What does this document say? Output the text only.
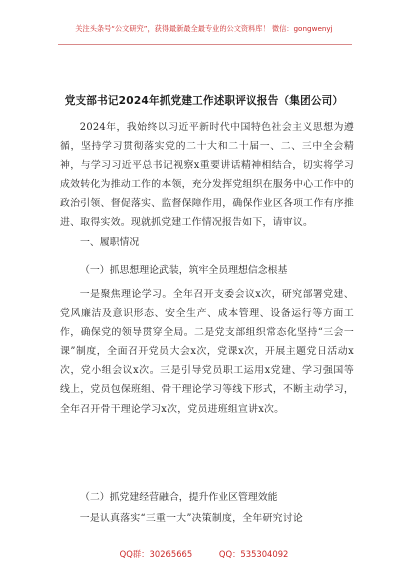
关注头条号“公文研究”，获得最新最全最专业的公文资料库！ 微信：gongwenyj
党支部书记2024年抓党建工作述职评议报告（集团公司）

2024年，我始终以习近平新时代中国特色社会主义思想为遵循，坚持学习贯彻落实党的二十大和二十届一、二、三中全会精神，与学习习近平总书记视察x重要讲话精神相结合，切实将学习成效转化为推动工作的本领，充分发挥党组织在服务中心工作中的政治引领、督促落实、监督保障作用，确保作业区各项工作有序推进、取得实效。现就抓党建工作情况报告如下，请审议。

一、履职情况
（一）抓思想理论武装，筑牢全员理想信念根基

一是聚焦理论学习。全年召开支委会议x次，研究部署党建、党风廉洁及意识形态、安全生产、成本管理、设备运行等方面工作，确保党的领导贯穿全局。二是党支部组织常态化坚持“三会一课”制度，全面召开党员大会x次，党课x次，开展主题党日活动x次，党小组会议x次。三是引导党员职工运用x党建、学习强国等线上，党员包保班组、骨干理论学习等线下形式，不断主动学习，全年召开骨干理论学习x次，党员进班组宣讲x次。

（二）抓党建经营融合，提升作业区管理效能

一是认真落实“三重一大”决策制度，全年研究讨论

QQ群：30265665	QQ：535304092
